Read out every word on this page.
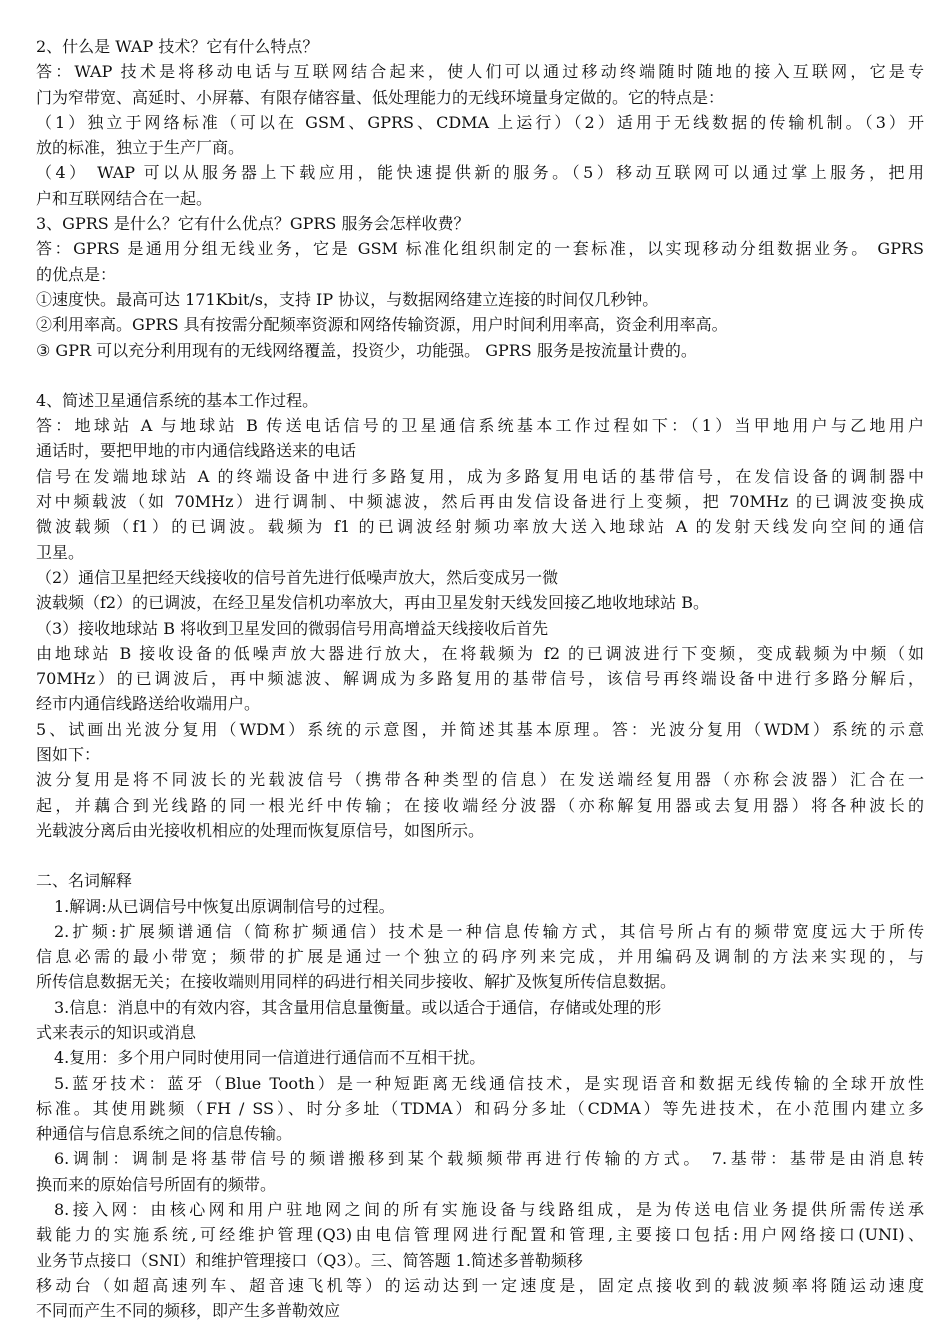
2、什么是 WAP 技术？它有什么特点？
答：WAP 技术是将移动电话与互联网结合起来，使人们可以通过移动终端随时随地的接入互联网，它是专
门为窄带宽、高延时、小屏幕、有限存储容量、低处理能力的无线环境量身定做的。它的特点是：
（1）独立于网络标准（可以在 GSM、GPRS、CDMA 上运行）（2）适用于无线数据的传输机制。（3）开
放的标准，独立于生产厂商。
（4） WAP 可以从服务器上下载应用，能快速提供新的服务。（5）移动互联网可以通过掌上服务，把用
户和互联网结合在一起。
3、GPRS 是什么？它有什么优点？GPRS 服务会怎样收费？
答：GPRS 是通用分组无线业务，它是 GSM 标准化组织制定的一套标准，以实现移动分组数据业务。 GPRS
的优点是：
①速度快。最高可达 171Kbit/s，支持 IP 协议，与数据网络建立连接的时间仅几秒钟。
②利用率高。GPRS 具有按需分配频率资源和网络传输资源，用户时间利用率高，资金利用率高。
③ GPR 可以充分利用现有的无线网络覆盖，投资少，功能强。 GPRS 服务是按流量计费的。
4、简述卫星通信系统的基本工作过程。
答：地球站 A 与地球站 B 传送电话信号的卫星通信系统基本工作过程如下：（1）当甲地用户与乙地用户
通话时，要把甲地的市内通信线路送来的电话
信号在发端地球站 A 的终端设备中进行多路复用，成为多路复用电话的基带信号，在发信设备的调制器中
对中频载波（如 70MHz）进行调制、中频滤波，然后再由发信设备进行上变频，把 70MHz 的已调波变换成
微波载频（f1）的已调波。载频为 f1 的已调波经射频功率放大送入地球站 A 的发射天线发向空间的通信
卫星。
（2）通信卫星把经天线接收的信号首先进行低噪声放大，然后变成另一微
波载频（f2）的已调波，在经卫星发信机功率放大，再由卫星发射天线发回接乙地收地球站 B。
（3）接收地球站 B 将收到卫星发回的微弱信号用高增益天线接收后首先
由地球站 B 接收设备的低噪声放大器进行放大，在将载频为 f2 的已调波进行下变频，变成载频为中频（如
70MHz）的已调波后，再中频滤波、解调成为多路复用的基带信号，该信号再终端设备中进行多路分解后，
经市内通信线路送给收端用户。
5、试画出光波分复用（WDM）系统的示意图，并简述其基本原理。答：光波分复用（WDM）系统的示意
图如下：
波分复用是将不同波长的光载波信号（携带各种类型的信息）在发送端经复用器（亦称会波器）汇合在一
起，并藕合到光线路的同一根光纤中传输；在接收端经分波器（亦称解复用器或去复用器）将各种波长的
光载波分离后由光接收机相应的处理而恢复原信号，如图所示。
二、名词解释
1.解调:从已调信号中恢复出原调制信号的过程。
2.扩频:扩展频谱通信（简称扩频通信）技术是一种信息传输方式，其信号所占有的频带宽度远大于所传
信息必需的最小带宽；频带的扩展是通过一个独立的码序列来完成，并用编码及调制的方法来实现的，与
所传信息数据无关；在接收端则用同样的码进行相关同步接收、解扩及恢复所传信息数据。
3.信息：消息中的有效内容，其含量用信息量衡量。或以适合于通信，存储或处理的形
式来表示的知识或消息
4.复用：多个用户同时使用同一信道进行通信而不互相干扰。
5.蓝牙技术：蓝牙（Blue Tooth）是一种短距离无线通信技术，是实现语音和数据无线传输的全球开放性
标准。其使用跳频（FH / SS）、时分多址（TDMA）和码分多址（CDMA）等先进技术，在小范围内建立多
种通信与信息系统之间的信息传输。
6.调制：调制是将基带信号的频谱搬移到某个载频频带再进行传输的方式。 7.基带：基带是由消息转
换而来的原始信号所固有的频带。
8.接入网：由核心网和用户驻地网之间的所有实施设备与线路组成，是为传送电信业务提供所需传送承
载能力的实施系统,可经维护管理(Q3)由电信管理网进行配置和管理,主要接口包括:用户网络接口(UNI)、
业务节点接口（SNI）和维护管理接口（Q3）。三、简答题 1.简述多普勒频移
移动台（如超高速列车、超音速飞机等）的运动达到一定速度是，固定点接收到的载波频率将随运动速度
不同而产生不同的频移，即产生多普勒效应
